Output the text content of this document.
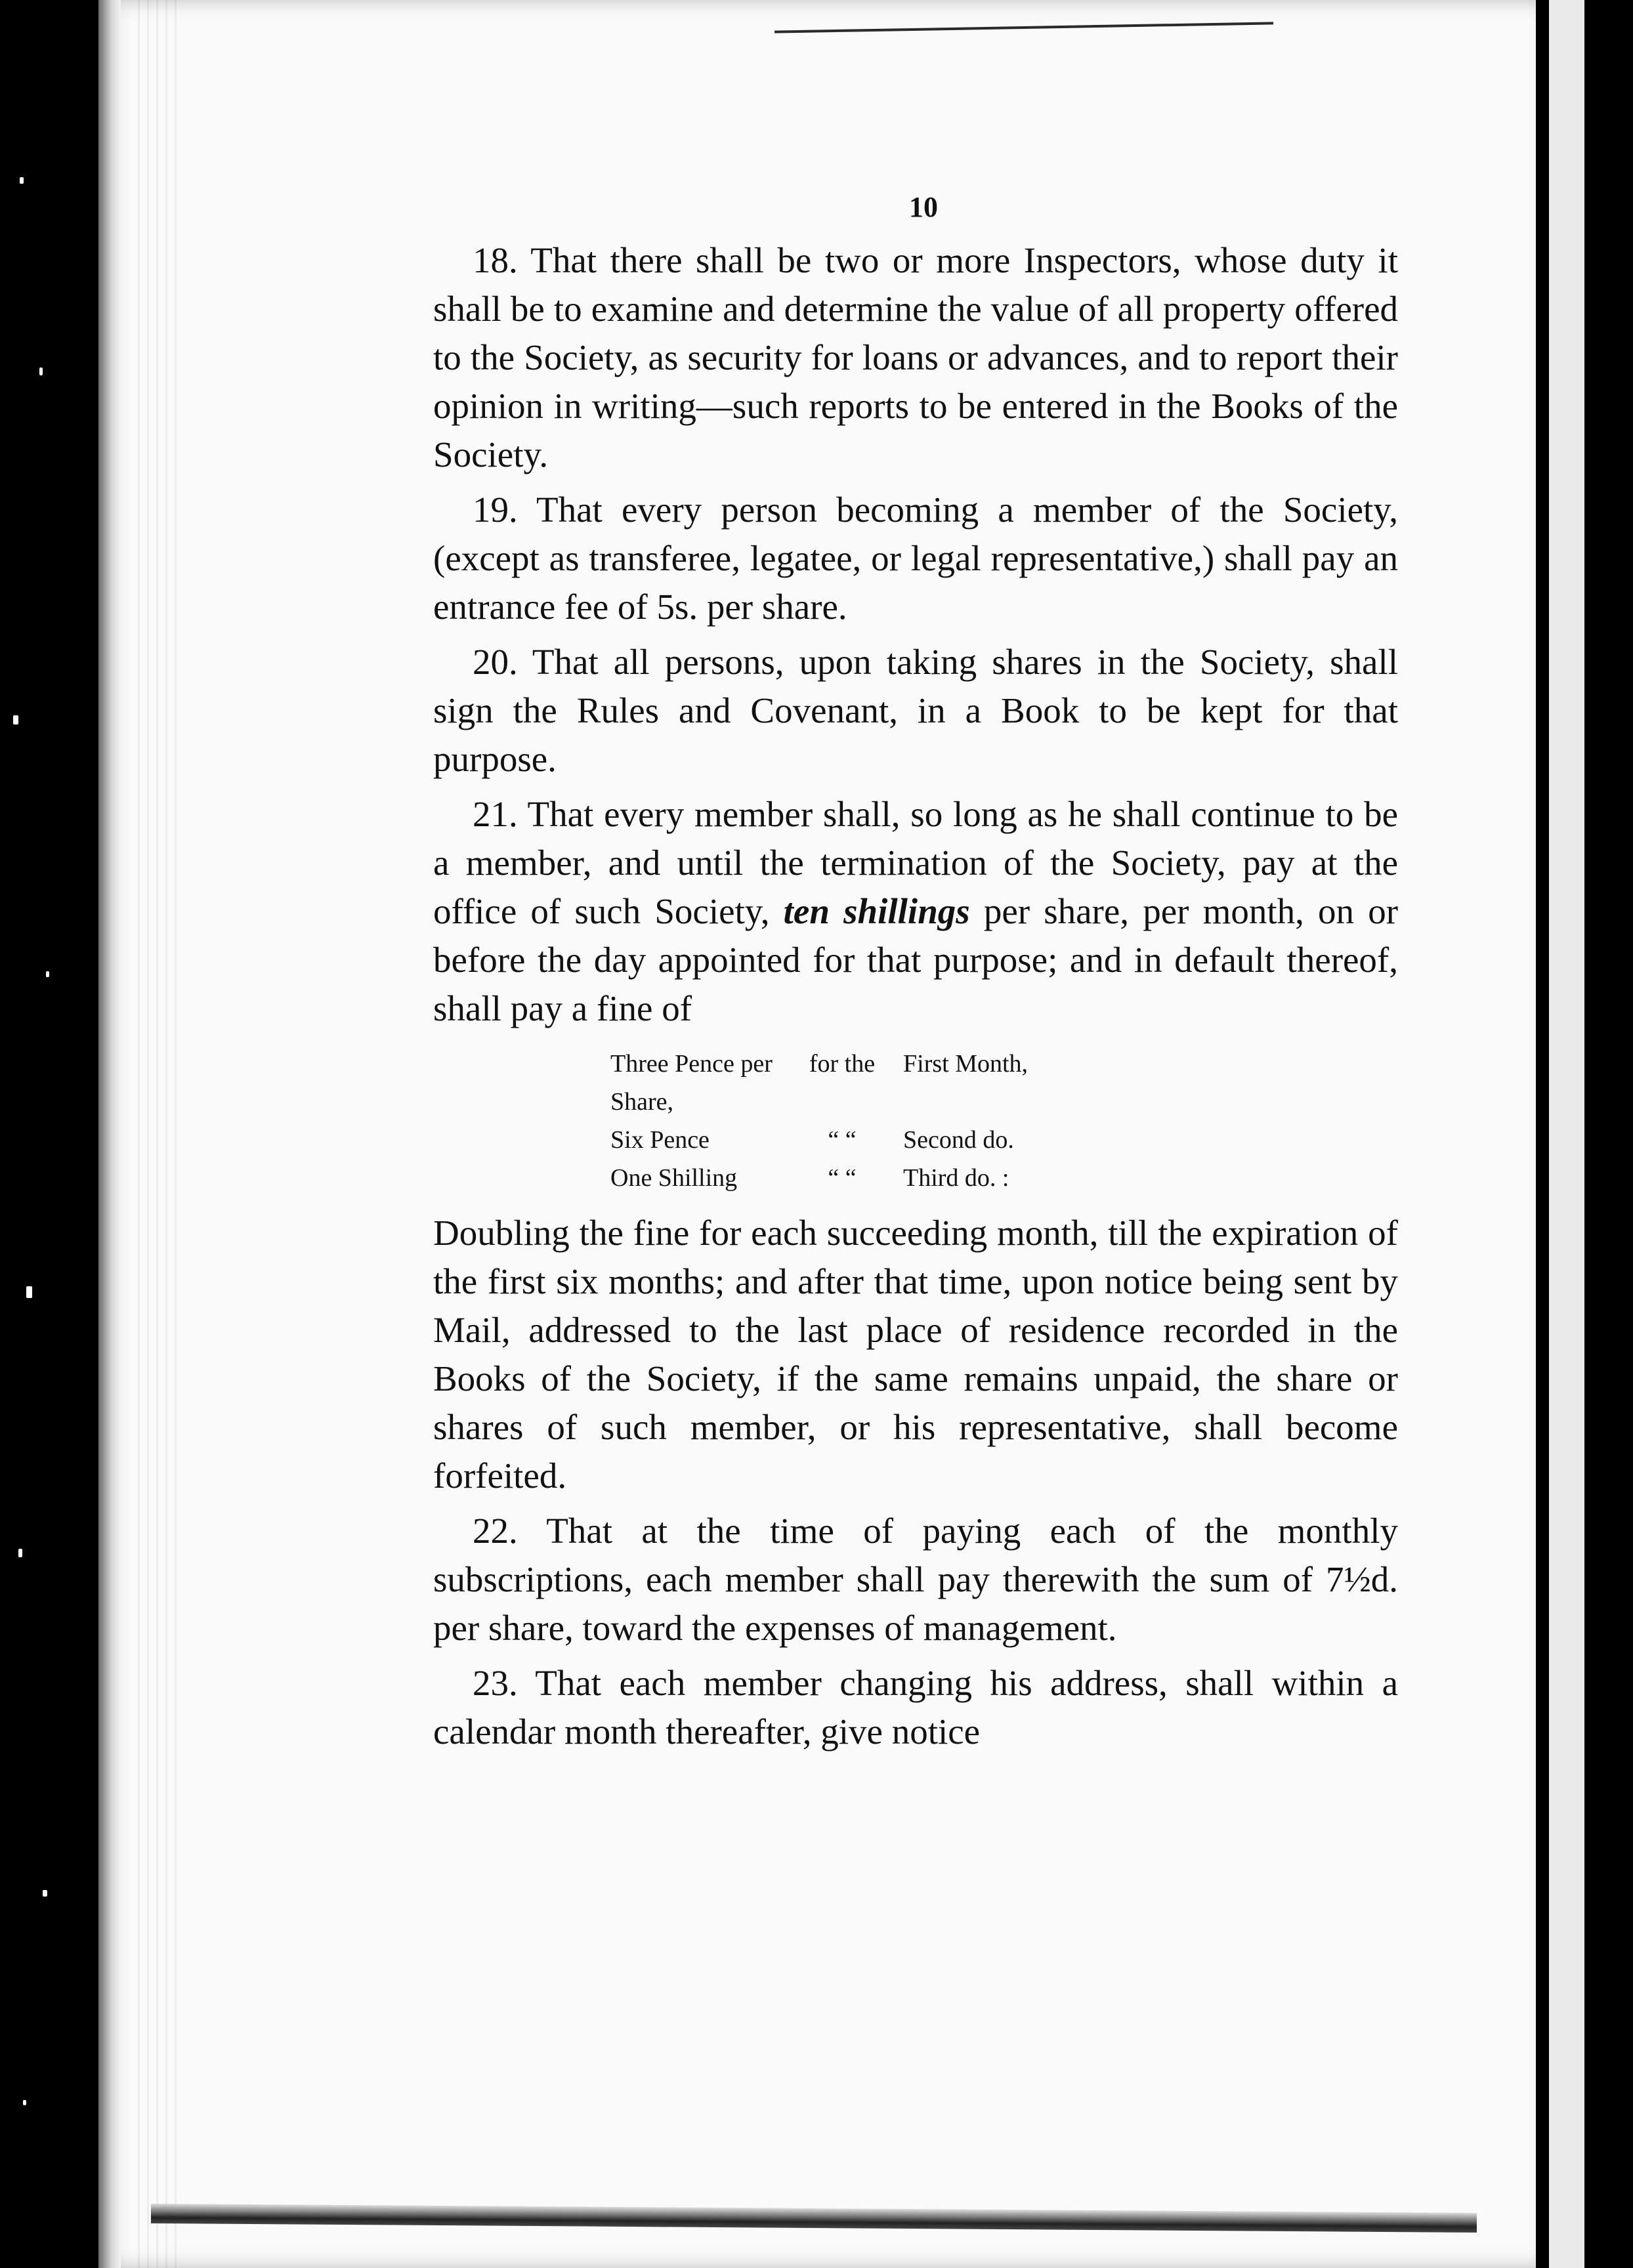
10

18. That there shall be two or more Inspectors, whose duty it shall be to examine and determine the value of all property offered to the Society, as security for loans or advances, and to report their opinion in writing—such reports to be entered in the Books of the Society.

19. That every person becoming a member of the Society, (except as transferee, legatee, or legal representative,) shall pay an entrance fee of 5s. per share.

20. That all persons, upon taking shares in the Society, shall sign the Rules and Covenant, in a Book to be kept for that purpose.

21. That every member shall, so long as he shall continue to be a member, and until the termination of the Society, pay at the office of such Society, ten shillings per share, per month, on or before the day appointed for that purpose; and in default thereof, shall pay a fine of

Three Pence per Share,	for the	First Month,
Six Pence	“ “	Second do.
One Shilling	“ “	Third do. :

Doubling the fine for each succeeding month, till the expiration of the first six months; and after that time, upon notice being sent by Mail, addressed to the last place of residence recorded in the Books of the Society, if the same remains unpaid, the share or shares of such member, or his representative, shall become forfeited.

22. That at the time of paying each of the monthly subscriptions, each member shall pay therewith the sum of 7½d. per share, toward the expenses of management.

23. That each member changing his address, shall within a calendar month thereafter, give notice
